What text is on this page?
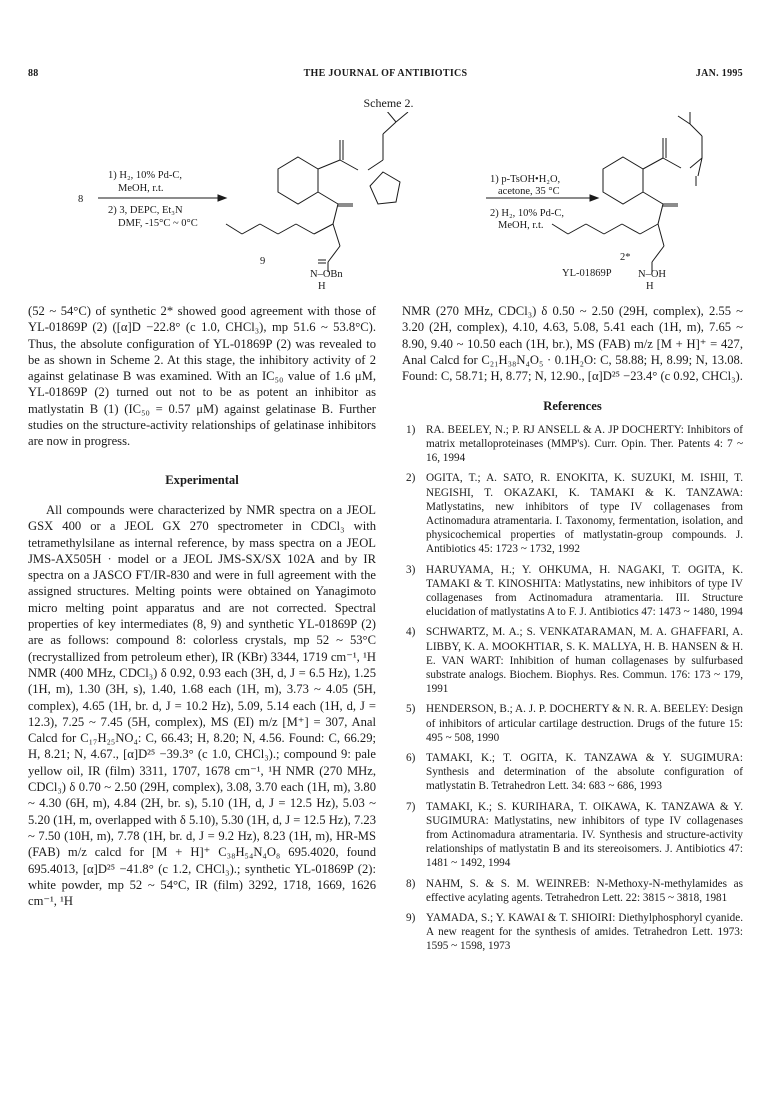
88	THE JOURNAL OF ANTIBIOTICS	JAN. 1995
Scheme 2.
8
1) H₂, 10% Pd-C,
MeOH, r.t.
2) 3, DEPC, Et₃N
DMF, -15°C ~ 0°C
9
N–OBn
H
1) p-TsOH•H₂O,
acetone, 35 °C
2) H₂, 10% Pd-C,
MeOH, r.t.
2*
YL-01869P	N–OH
H

(52 ~ 54°C) of synthetic 2* showed good agreement with those of YL-01869P (2) ([α]D −22.8° (c 1.0, CHCl₃), mp 51.6 ~ 53.8°C). Thus, the absolute configuration of YL-01869P (2) was revealed to be as shown in Scheme 2. At this stage, the inhibitory activity of 2 against gelatinase B was examined. With an IC₅₀ value of 1.6 μM, YL-01869P (2) turned out not to be as potent an inhibitor as matlystatin B (1) (IC₅₀ = 0.57 μM) against gelatinase B. Further studies on the structure-activity relationships of gelatinase inhibitors are now in progress.

Experimental

All compounds were characterized by NMR spectra on a JEOL GSX 400 or a JEOL GX 270 spectrometer in CDCl₃ with tetramethylsilane as internal reference, by mass spectra on a JEOL JMS-AX505H · model or a JEOL JMS-SX/SX 102A and by IR spectra on a JASCO FT/IR-830 and were in full agreement with the assigned structures. Melting points were obtained on Yanagimoto micro melting point apparatus and are not corrected. Spectral properties of key intermediates (8, 9) and synthetic YL-01869P (2) are as follows: compound 8: colorless crystals, mp 52 ~ 53°C (recrystallized from petroleum ether), IR (KBr) 3344, 1719 cm⁻¹, ¹H NMR (400 MHz, CDCl₃) δ 0.92, 0.93 each (3H, d, J = 6.5 Hz), 1.25 (1H, m), 1.30 (3H, s), 1.40, 1.68 each (1H, m), 3.73 ~ 4.05 (5H, complex), 4.65 (1H, br. d, J = 10.2 Hz), 5.09, 5.14 each (1H, d, J = 12.3), 7.25 ~ 7.45 (5H, complex), MS (EI) m/z [M⁺] = 307, Anal Calcd for C₁₇H₂₅NO₄: C, 66.43; H, 8.20; N, 4.56. Found: C, 66.29; H, 8.21; N, 4.67., [α]D²⁵ −39.3° (c 1.0, CHCl₃).; compound 9: pale yellow oil, IR (film) 3311, 1707, 1678 cm⁻¹, ¹H NMR (270 MHz, CDCl₃) δ 0.70 ~ 2.50 (29H, complex), 3.08, 3.70 each (1H, m), 3.80 ~ 4.30 (6H, m), 4.84 (2H, br. s), 5.10 (1H, d, J = 12.5 Hz), 5.03 ~ 5.20 (1H, m, overlapped with δ 5.10), 5.30 (1H, d, J = 12.5 Hz), 7.23 ~ 7.50 (10H, m), 7.78 (1H, br. d, J = 9.2 Hz), 8.23 (1H, m), HR-MS (FAB) m/z calcd for [M + H]⁺ C₃₈H₅₄N₄O₈ 695.4020, found 695.4013, [α]D²⁵ −41.8° (c 1.2, CHCl₃).; synthetic YL-01869P (2): white powder, mp 52 ~ 54°C, IR (film) 3292, 1718, 1669, 1626 cm⁻¹, ¹H

NMR (270 MHz, CDCl₃) δ 0.50 ~ 2.50 (29H, complex), 2.55 ~ 3.20 (2H, complex), 4.10, 4.63, 5.08, 5.41 each (1H, m), 7.65 ~ 8.90, 9.40 ~ 10.50 each (1H, br.), MS (FAB) m/z [M + H]⁺ = 427, Anal Calcd for C₂₁H₃₈N₄O₅ · 0.1H₂O: C, 58.88; H, 8.99; N, 13.08. Found: C, 58.71; H, 8.77; N, 12.90., [α]D²⁵ −23.4° (c 0.92, CHCl₃).

References
1) RA. BEELEY, N.; P. RJ ANSELL & A. JP DOCHERTY: Inhibitors of matrix metalloproteinases (MMP's). Curr. Opin. Ther. Patents 4: 7 ~ 16, 1994
2) OGITA, T.; A. SATO, R. ENOKITA, K. SUZUKI, M. ISHII, T. NEGISHI, T. OKAZAKI, K. TAMAKI & K. TANZAWA: Matlystatins, new inhibitors of type IV collagenases from Actinomadura atramentaria. I. Taxonomy, fermentation, isolation, and physicochemical properties of matlystatin-group compounds. J. Antibiotics 45: 1723 ~ 1732, 1992
3) HARUYAMA, H.; Y. OHKUMA, H. NAGAKI, T. OGITA, K. TAMAKI & T. KINOSHITA: Matlystatins, new inhibitors of type IV collagenases from Actinomadura atramentaria. III. Structure elucidation of matlystatins A to F. J. Antibiotics 47: 1473 ~ 1480, 1994
4) SCHWARTZ, M. A.; S. VENKATARAMAN, M. A. GHAFFARI, A. LIBBY, K. A. MOOKHTIAR, S. K. MALLYA, H. B. HANSEN & H. E. VAN WART: Inhibition of human collagenases by sulfurbased substrate analogs. Biochem. Biophys. Res. Commun. 176: 173 ~ 179, 1991
5) HENDERSON, B.; A. J. P. DOCHERTY & N. R. A. BEELEY: Design of inhibitors of articular cartilage destruction. Drugs of the future 15: 495 ~ 508, 1990
6) TAMAKI, K.; T. OGITA, K. TANZAWA & Y. SUGIMURA: Synthesis and determination of the absolute configuration of matlystatin B. Tetrahedron Lett. 34: 683 ~ 686, 1993
7) TAMAKI, K.; S. KURIHARA, T. OIKAWA, K. TANZAWA & Y. SUGIMURA: Matlystatins, new inhibitors of type IV collagenases from Actinomadura atramentaria. IV. Synthesis and structure-activity relationships of matlystatin B and its stereoisomers. J. Antibiotics 47: 1481 ~ 1492, 1994
8) NAHM, S. & S. M. WEINREB: N-Methoxy-N-methylamides as effective acylating agents. Tetrahedron Lett. 22: 3815 ~ 3818, 1981
9) YAMADA, S.; Y. KAWAI & T. SHIOIRI: Diethylphosphoryl cyanide. A new reagent for the synthesis of amides. Tetrahedron Lett. 1973: 1595 ~ 1598, 1973
